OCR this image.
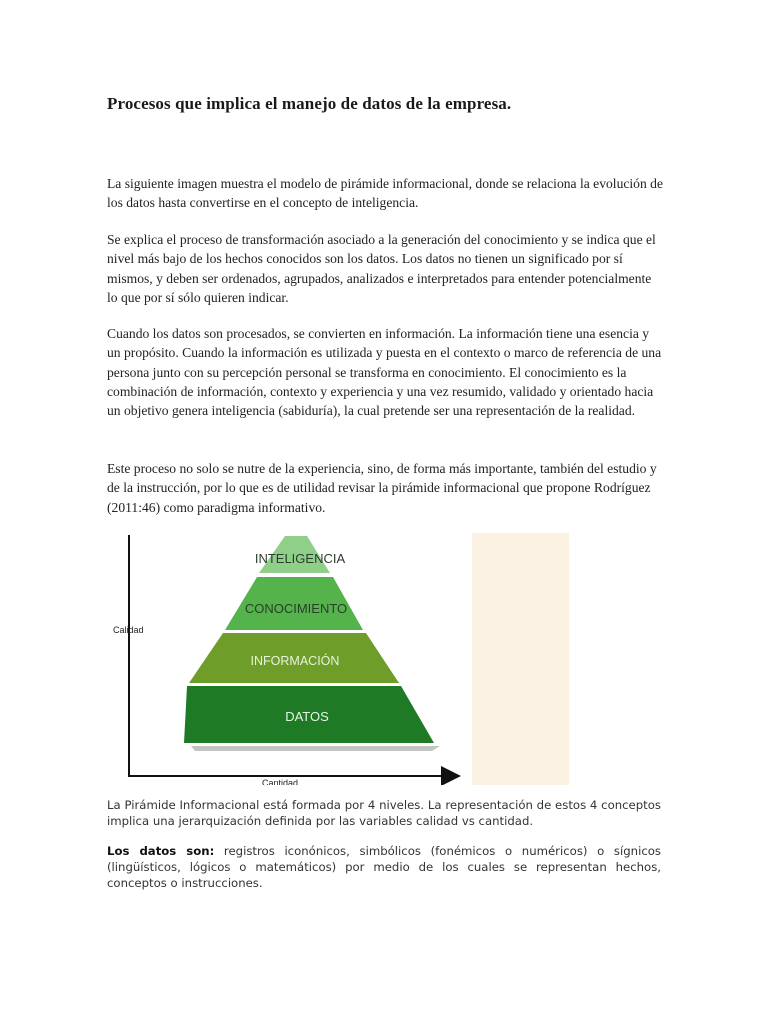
Procesos que implica el manejo de datos de la empresa.

La siguiente imagen muestra el modelo de pirámide informacional, donde se relaciona la evolución de los datos hasta convertirse en el concepto de inteligencia.

Se explica el proceso de transformación asociado a la generación del conocimiento y se indica que el nivel más bajo de los hechos conocidos son los datos. Los datos no tienen un significado por sí mismos, y deben ser ordenados, agrupados, analizados e interpretados para entender potencialmente lo que por sí sólo quieren indicar.

Cuando los datos son procesados, se convierten en información. La información tiene una esencia y un propósito. Cuando la información es utilizada y puesta en el contexto o marco de referencia de una persona junto con su percepción personal se transforma en conocimiento. El conocimiento es la combinación de información, contexto y experiencia y una vez resumido, validado y orientado hacia un objetivo genera inteligencia (sabiduría), la cual pretende ser una representación de la realidad.

Este proceso no solo se nutre de la experiencia, sino, de forma más importante, también del estudio y de la instrucción, por lo que es de utilidad revisar la pirámide informacional que propone Rodríguez (2011:46) como paradigma informativo.

Calidad
Cantidad
INTELIGENCIA
CONOCIMIENTO
INFORMACIÓN
DATOS

La Pirámide Informacional está formada por 4 niveles. La representación de estos 4 conceptos implica una jerarquización definida por las variables calidad vs cantidad.

Los datos son: registros iconónicos, simbólicos (fonémicos o numéricos) o sígnicos (lingüísticos, lógicos o matemáticos) por medio de los cuales se representan hechos, conceptos o instrucciones.
